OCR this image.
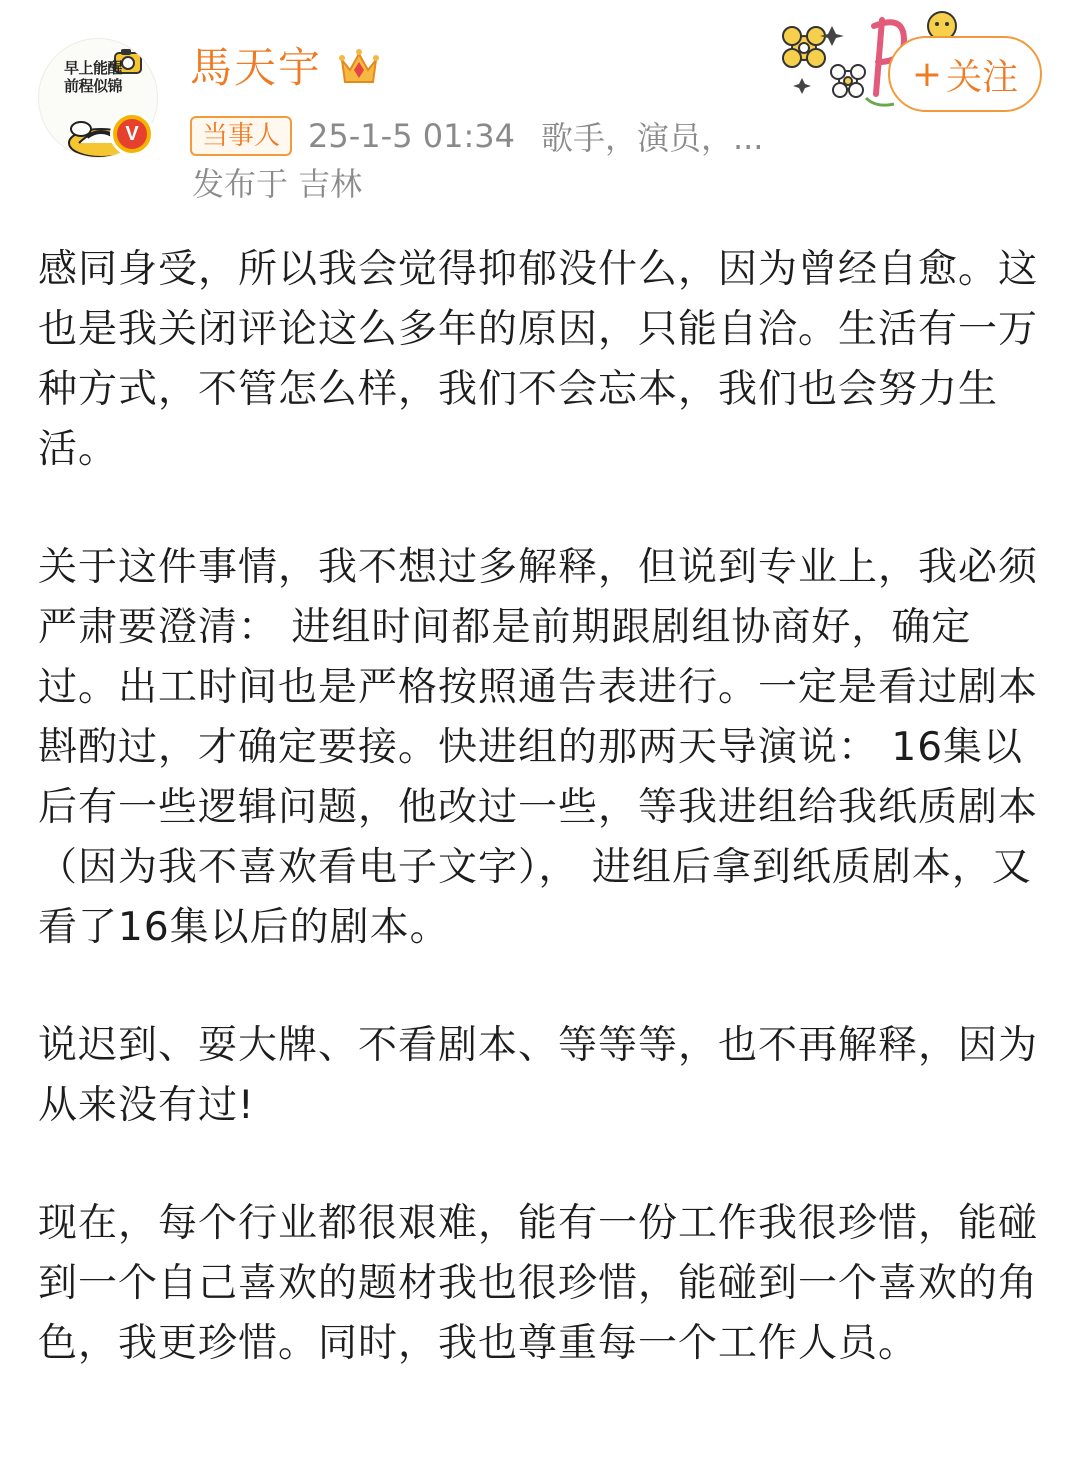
早上能醒
前程似锦
V
馬天宇
当事人 25-1-5 01:34 歌手，演员，...
发布于 吉林
+ 关注

感同身受，所以我会觉得抑郁没什么，因为曾经自愈。这也是我关闭评论这么多年的原因，只能自洽。生活有一万种方式，不管怎么样，我们不会忘本，我们也会努力生活。

关于这件事情，我不想过多解释，但说到专业上，我必须严肃要澄清： 进组时间都是前期跟剧组协商好，确定过。出工时间也是严格按照通告表进行。一定是看过剧本斟酌过，才确定要接。快进组的那两天导演说： 16集以后有一些逻辑问题，他改过一些，等我进组给我纸质剧本（因为我不喜欢看电子文字）， 进组后拿到纸质剧本，又看了16集以后的剧本。

说迟到、耍大牌、不看剧本、等等等，也不再解释，因为从来没有过!

现在，每个行业都很艰难，能有一份工作我很珍惜，能碰到一个自己喜欢的题材我也很珍惜，能碰到一个喜欢的角色，我更珍惜。同时，我也尊重每一个工作人员。
